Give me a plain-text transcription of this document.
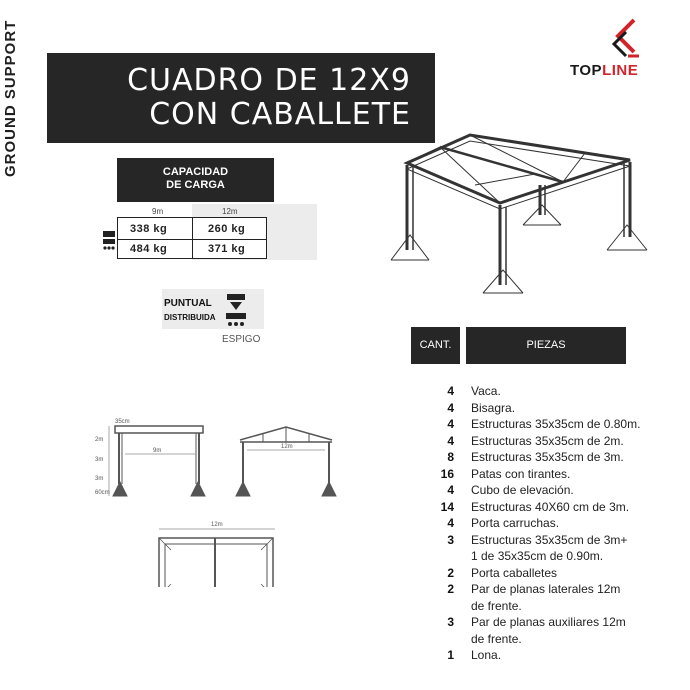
GROUND SUPPORT	CUADRO DE 12X9
CON CABALLETE
TOPLINE
CAPACIDAD
DE CARGA
9m	12m
338 kg	260 kg
484 kg	371 kg
PUNTUAL
DISTRIBUIDA
ESPIGO	CANT.	PIEZAS
4 Vaca.
4 Bisagra.
4 Estructuras 35x35cm de 0.80m.
4 Estructuras 35x35cm de 2m.
8 Estructuras 35x35cm de 3m.
16 Patas con tirantes.
4 Cubo de elevación.
14 Estructuras 40X60 cm de 3m.
4 Porta carruchas.
3 Estructuras 35x35cm de 3m+
1 de 35x35cm de 0.90m.
2 Porta caballetes
2 Par de planas laterales 12m
de frente.
3 Par de planas auxiliares 12m
de frente.
1 Lona.
35cm
2m
3m
3m
60cm
9m
12m
12m
